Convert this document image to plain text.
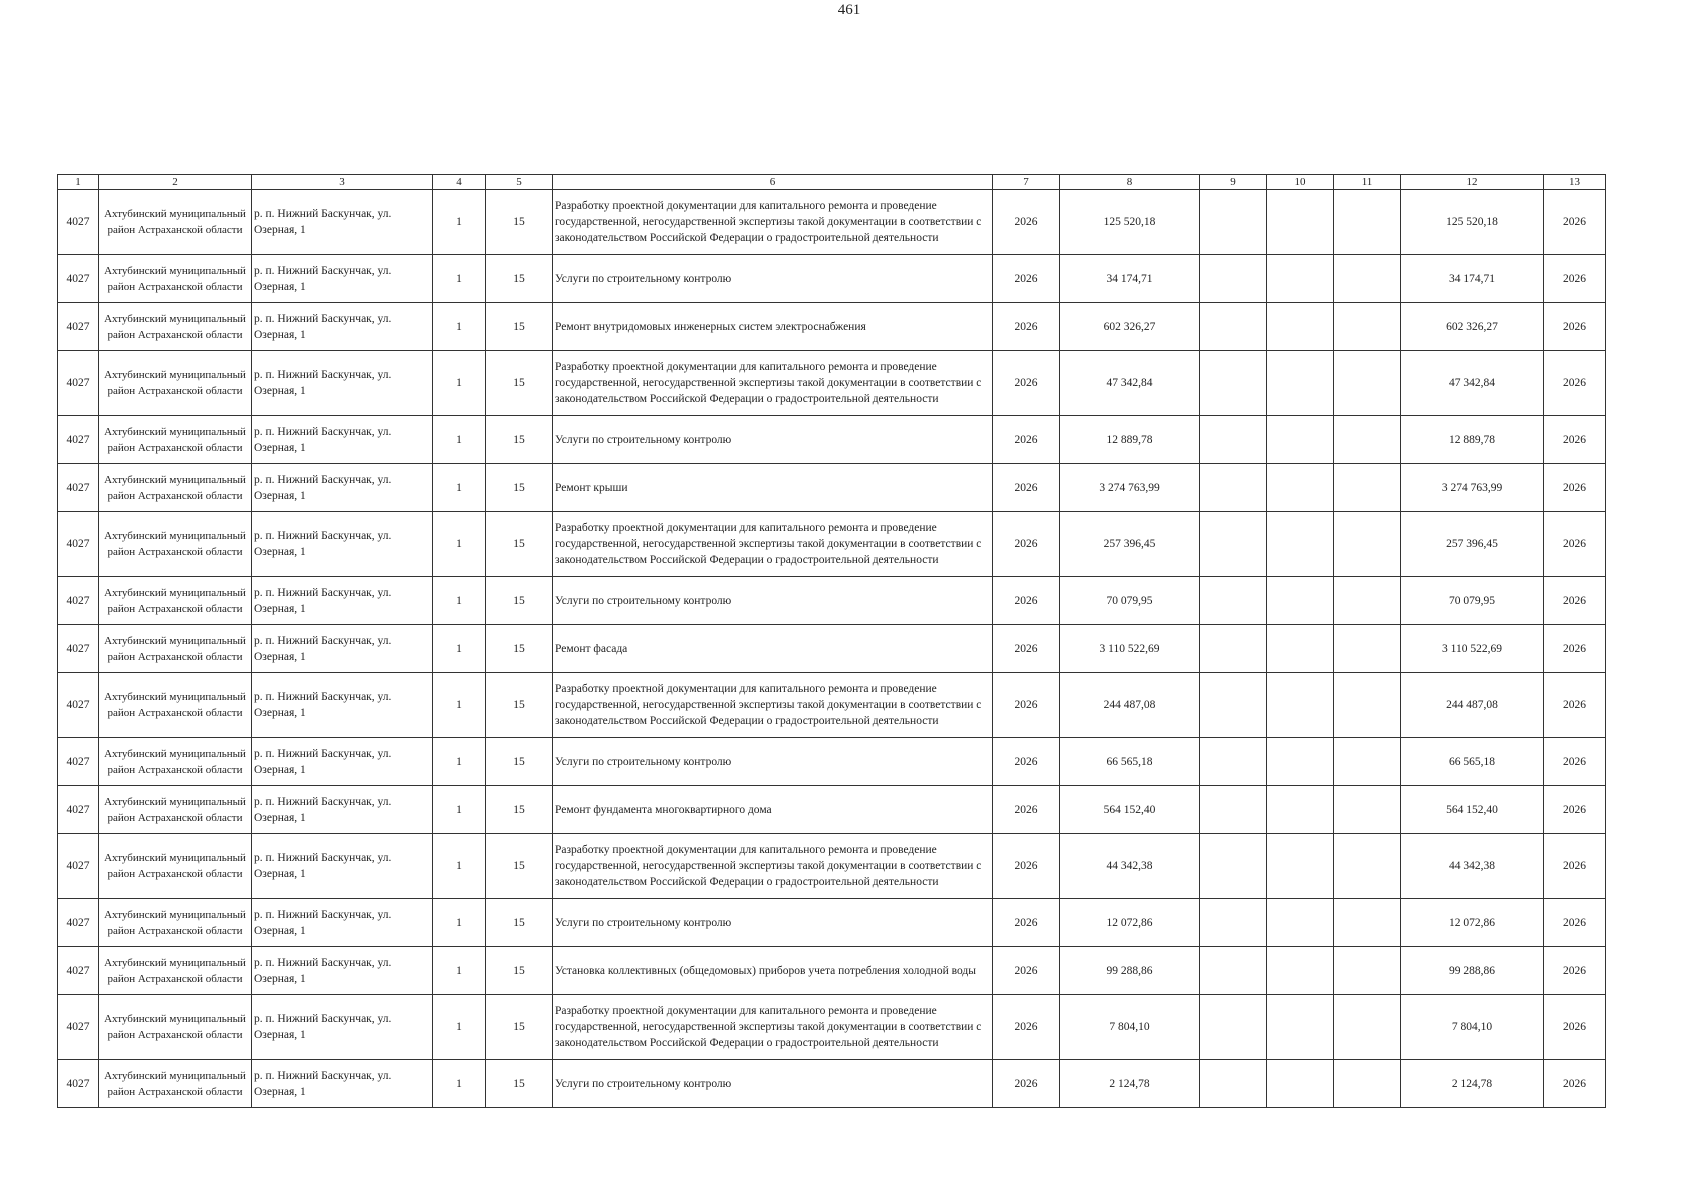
461
1	2	3	4	5	6	7	8	9	10	11	12	13
4027	Ахтубинский муниципальный район Астраханской области	р. п. Нижний Баскунчак, ул. Озерная, 1	1	15	Разработку проектной документации для капитального ремонта и проведение государственной, негосударственной экспертизы такой документации в соответствии с законодательством Российской Федерации о градостроительной деятельности	2026	125 520,18				125 520,18	2026
4027	Ахтубинский муниципальный район Астраханской области	р. п. Нижний Баскунчак, ул. Озерная, 1	1	15	Услуги по строительному контролю	2026	34 174,71				34 174,71	2026
4027	Ахтубинский муниципальный район Астраханской области	р. п. Нижний Баскунчак, ул. Озерная, 1	1	15	Ремонт внутридомовых инженерных систем электроснабжения	2026	602 326,27				602 326,27	2026
4027	Ахтубинский муниципальный район Астраханской области	р. п. Нижний Баскунчак, ул. Озерная, 1	1	15	Разработку проектной документации для капитального ремонта и проведение государственной, негосударственной экспертизы такой документации в соответствии с законодательством Российской Федерации о градостроительной деятельности	2026	47 342,84				47 342,84	2026
4027	Ахтубинский муниципальный район Астраханской области	р. п. Нижний Баскунчак, ул. Озерная, 1	1	15	Услуги по строительному контролю	2026	12 889,78				12 889,78	2026
4027	Ахтубинский муниципальный район Астраханской области	р. п. Нижний Баскунчак, ул. Озерная, 1	1	15	Ремонт крыши	2026	3 274 763,99				3 274 763,99	2026
4027	Ахтубинский муниципальный район Астраханской области	р. п. Нижний Баскунчак, ул. Озерная, 1	1	15	Разработку проектной документации для капитального ремонта и проведение государственной, негосударственной экспертизы такой документации в соответствии с законодательством Российской Федерации о градостроительной деятельности	2026	257 396,45				257 396,45	2026
4027	Ахтубинский муниципальный район Астраханской области	р. п. Нижний Баскунчак, ул. Озерная, 1	1	15	Услуги по строительному контролю	2026	70 079,95				70 079,95	2026
4027	Ахтубинский муниципальный район Астраханской области	р. п. Нижний Баскунчак, ул. Озерная, 1	1	15	Ремонт фасада	2026	3 110 522,69				3 110 522,69	2026
4027	Ахтубинский муниципальный район Астраханской области	р. п. Нижний Баскунчак, ул. Озерная, 1	1	15	Разработку проектной документации для капитального ремонта и проведение государственной, негосударственной экспертизы такой документации в соответствии с законодательством Российской Федерации о градостроительной деятельности	2026	244 487,08				244 487,08	2026
4027	Ахтубинский муниципальный район Астраханской области	р. п. Нижний Баскунчак, ул. Озерная, 1	1	15	Услуги по строительному контролю	2026	66 565,18				66 565,18	2026
4027	Ахтубинский муниципальный район Астраханской области	р. п. Нижний Баскунчак, ул. Озерная, 1	1	15	Ремонт фундамента многоквартирного дома	2026	564 152,40				564 152,40	2026
4027	Ахтубинский муниципальный район Астраханской области	р. п. Нижний Баскунчак, ул. Озерная, 1	1	15	Разработку проектной документации для капитального ремонта и проведение государственной, негосударственной экспертизы такой документации в соответствии с законодательством Российской Федерации о градостроительной деятельности	2026	44 342,38				44 342,38	2026
4027	Ахтубинский муниципальный район Астраханской области	р. п. Нижний Баскунчак, ул. Озерная, 1	1	15	Услуги по строительному контролю	2026	12 072,86				12 072,86	2026
4027	Ахтубинский муниципальный район Астраханской области	р. п. Нижний Баскунчак, ул. Озерная, 1	1	15	Установка коллективных (общедомовых) приборов учета потребления холодной воды	2026	99 288,86				99 288,86	2026
4027	Ахтубинский муниципальный район Астраханской области	р. п. Нижний Баскунчак, ул. Озерная, 1	1	15	Разработку проектной документации для капитального ремонта и проведение государственной, негосударственной экспертизы такой документации в соответствии с законодательством Российской Федерации о градостроительной деятельности	2026	7 804,10				7 804,10	2026
4027	Ахтубинский муниципальный район Астраханской области	р. п. Нижний Баскунчак, ул. Озерная, 1	1	15	Услуги по строительному контролю	2026	2 124,78				2 124,78	2026
